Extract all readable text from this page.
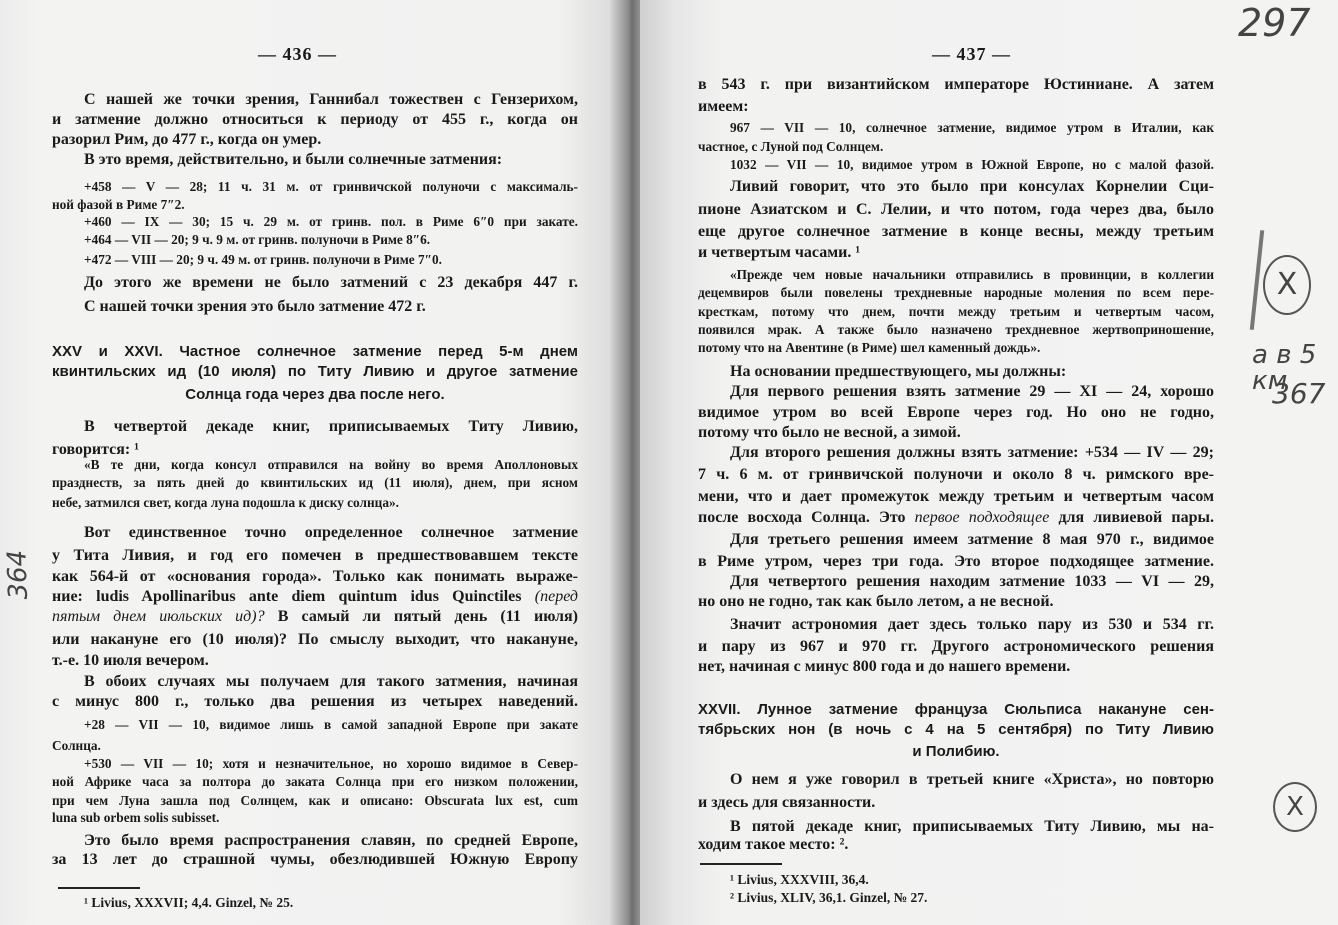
— 436 —
364
С нашей же точки зрения, Ганнибал тожествен с Гензерихом,
и затмение должно относиться к периоду от 455 г., когда он
разорил Рим, до 477 г., когда он умер.
В это время, действительно, и были солнечные затмения:
+458 — V — 28; 11 ч. 31 м. от гринвичской полуночи с максималь-
ной фазой в Риме 7″2.
+460 — IX — 30; 15 ч. 29 м. от гринв. пол. в Риме 6″0 при закате.
+464 — VII — 20; 9 ч. 9 м. от гринв. полуночи в Риме 8″6.
+472 — VIII — 20; 9 ч. 49 м. от гринв. полуночи в Риме 7″0.
До этого же времени не было затмений с 23 декабря 447 г.
С нашей точки зрения это было затмение 472 г.
XXV и XXVI. Частное солнечное затмение перед 5-м днем
квинтильских ид (10 июля) по Титу Ливию и другое затмение
Солнца года через два после него.
В четвертой декаде книг, приписываемых Титу Ливию,
говорится: ¹
«В те дни, когда консул отправился на войну во время Аполлоновых
празднеств, за пять дней до квинтильских ид (11 июля), днем, при ясном
небе, затмился свет, когда луна подошла к диску солнца».
Вот единственное точно определенное солнечное затмение
у Тита Ливия, и год его помечен в предшествовавшем тексте
как 564-й от «основания города». Только как понимать выраже-
ние: ludis Apollinaribus ante diem quintum idus Quinctiles (перед
пятым днем июльских ид)? В самый ли пятый день (11 июля)
или накануне его (10 июля)? По смыслу выходит, что накануне,
т.-е. 10 июля вечером.
В обоих случаях мы получаем для такого затмения, начиная
с минус 800 г., только два решения из четырех наведений.
+28 — VII — 10, видимое лишь в самой западной Европе при закате
Солнца.
+530 — VII — 10; хотя и незначительное, но хорошо видимое в Север-
ной Африке часа за полтора до заката Солнца при его низком положении,
при чем Луна зашла под Солнцем, как и описано: Obscurata lux est, cum
luna sub orbem solis subisset.
Это было время распространения славян, по средней Европе,
за 13 лет до страшной чумы, обезлюдившей Южную Европу
¹ Livius, XXXVII; 4,4. Ginzel, № 25.
— 437 —
297
X
а в 5 км
367
X
в 543 г. при византийском императоре Юстиниане. А затем
имеем:
967 — VII — 10, солнечное затмение, видимое утром в Италии, как
частное, с Луной под Солнцем.
1032 — VII — 10, видимое утром в Южной Европе, но с малой фазой.
Ливий говорит, что это было при консулах Корнелии Сци-
пионе Азиатском и С. Лелии, и что потом, года через два, было
еще другое солнечное затмение в конце весны, между третьим
и четвертым часами. ¹
«Прежде чем новые начальники отправились в провинции, в коллегии
децемвиров были повелены трехдневные народные моления по всем пере-
кресткам, потому что днем, почти между третьим и четвертым часом,
появился мрак. А также было назначено трехдневное жертвоприношение,
потому что на Авентине (в Риме) шел каменный дождь».
На основании предшествующего, мы должны:
Для первого решения взять затмение 29 — XI — 24, хорошо
видимое утром во всей Европе через год. Но оно не годно,
потому что было не весной, а зимой.
Для второго решения должны взять затмение: +534 — IV — 29;
7 ч. 6 м. от гринвичской полуночи и около 8 ч. римского вре-
мени, что и дает промежуток между третьим и четвертым часом
после восхода Солнца. Это первое подходящее для ливиевой пары.
Для третьего решения имеем затмение 8 мая 970 г., видимое
в Риме утром, через три года. Это второе подходящее затмение.
Для четвертого решения находим затмение 1033 — VI — 29,
но оно не годно, так как было летом, а не весной.
Значит астрономия дает здесь только пару из 530 и 534 гг.
и пару из 967 и 970 гг. Другого астрономического решения
нет, начиная с минус 800 года и до нашего времени.
XXVII. Лунное затмение француза Сюльписа накануне сен-
тябрьских нон (в ночь с 4 на 5 сентября) по Титу Ливию
и Полибию.
О нем я уже говорил в третьей книге «Христа», но повторю
и здесь для связанности.
В пятой декаде книг, приписываемых Титу Ливию, мы на-
ходим такое место: ².
¹ Livius, XXXVIII, 36,4.
² Livius, XLIV, 36,1. Ginzel, № 27.
